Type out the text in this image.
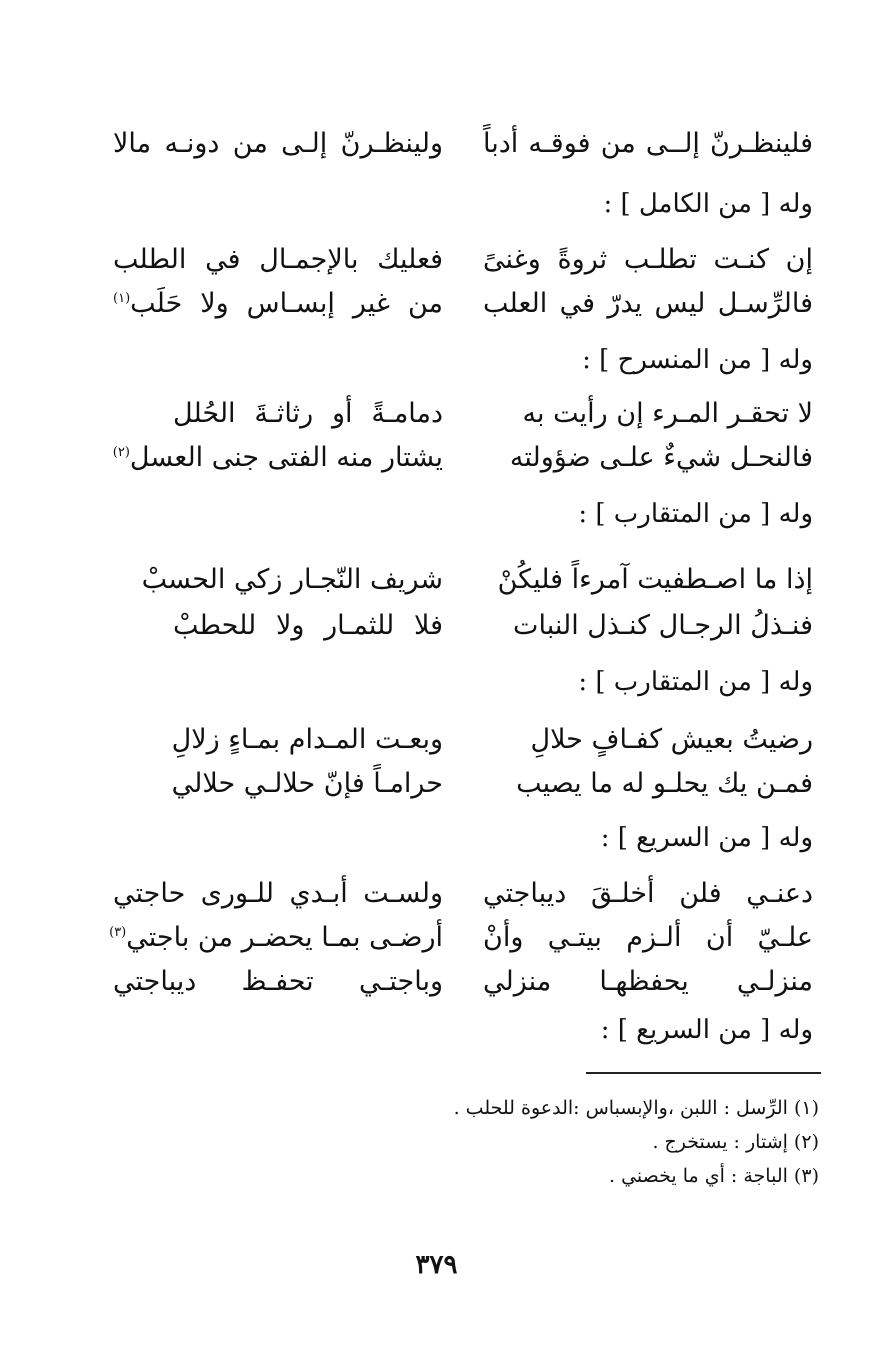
فلينظـرنّ إلــى من فوقـه أدباً
ولينظـرنّ إلـى من دونـه مالا
وله [ من الكامل ] :
إن كنـت تطلـب ثروةً وغنىً
فعليك بالإجمـال في الطلب
فالرِّسـل ليس يدرّ في العلب
من غير إبسـاس ولا حَلَب$^{(١)}$
وله [ من المنسرح ] :
لا تحقـر المـرء إن رأيت به
دمامـةً أو رثاثـةَ الحُلل
فالنحـل شيءٌ علـى ضؤولته
يشتار منه الفتى جنى العسل$^{(٢)}$
وله [ من المتقارب ] :
إذا ما اصـطفيت آمرءاً فليكُنْ
شريف النّجـار زكي الحسبْ
فنـذلُ الرجـال كنـذل النبات
فلا للثمـار ولا للحطبْ
وله [ من المتقارب ] :
رضيتُ بعيش كفـافٍ حلالِ
وبعـت المـدام بمـاءٍ زلالِ
فمـن يك يحلـو له ما يصيب
حرامـاً فإنّ حلالـي حلالي
وله [ من السريع ] :
دعنـي فلن أخلـقَ ديباجتي
ولسـت أبـدي للـورى حاجتي
علـيّ أن ألـزم بيتـي وأنْ
أرضـى بمـا يحضـر من باجتي$^{(٣)}$
منزلـي يحفظهـا منزلي
وباجتـي تحفـظ ديباجتي
وله [ من السريع ] :
(١) الرِّسل : اللبن ،والإبسباس :الدعوة للحلب .
(٢) إشتار : يستخرج .
(٣) الباجة : أي ما يخصني .
٣٧٩
